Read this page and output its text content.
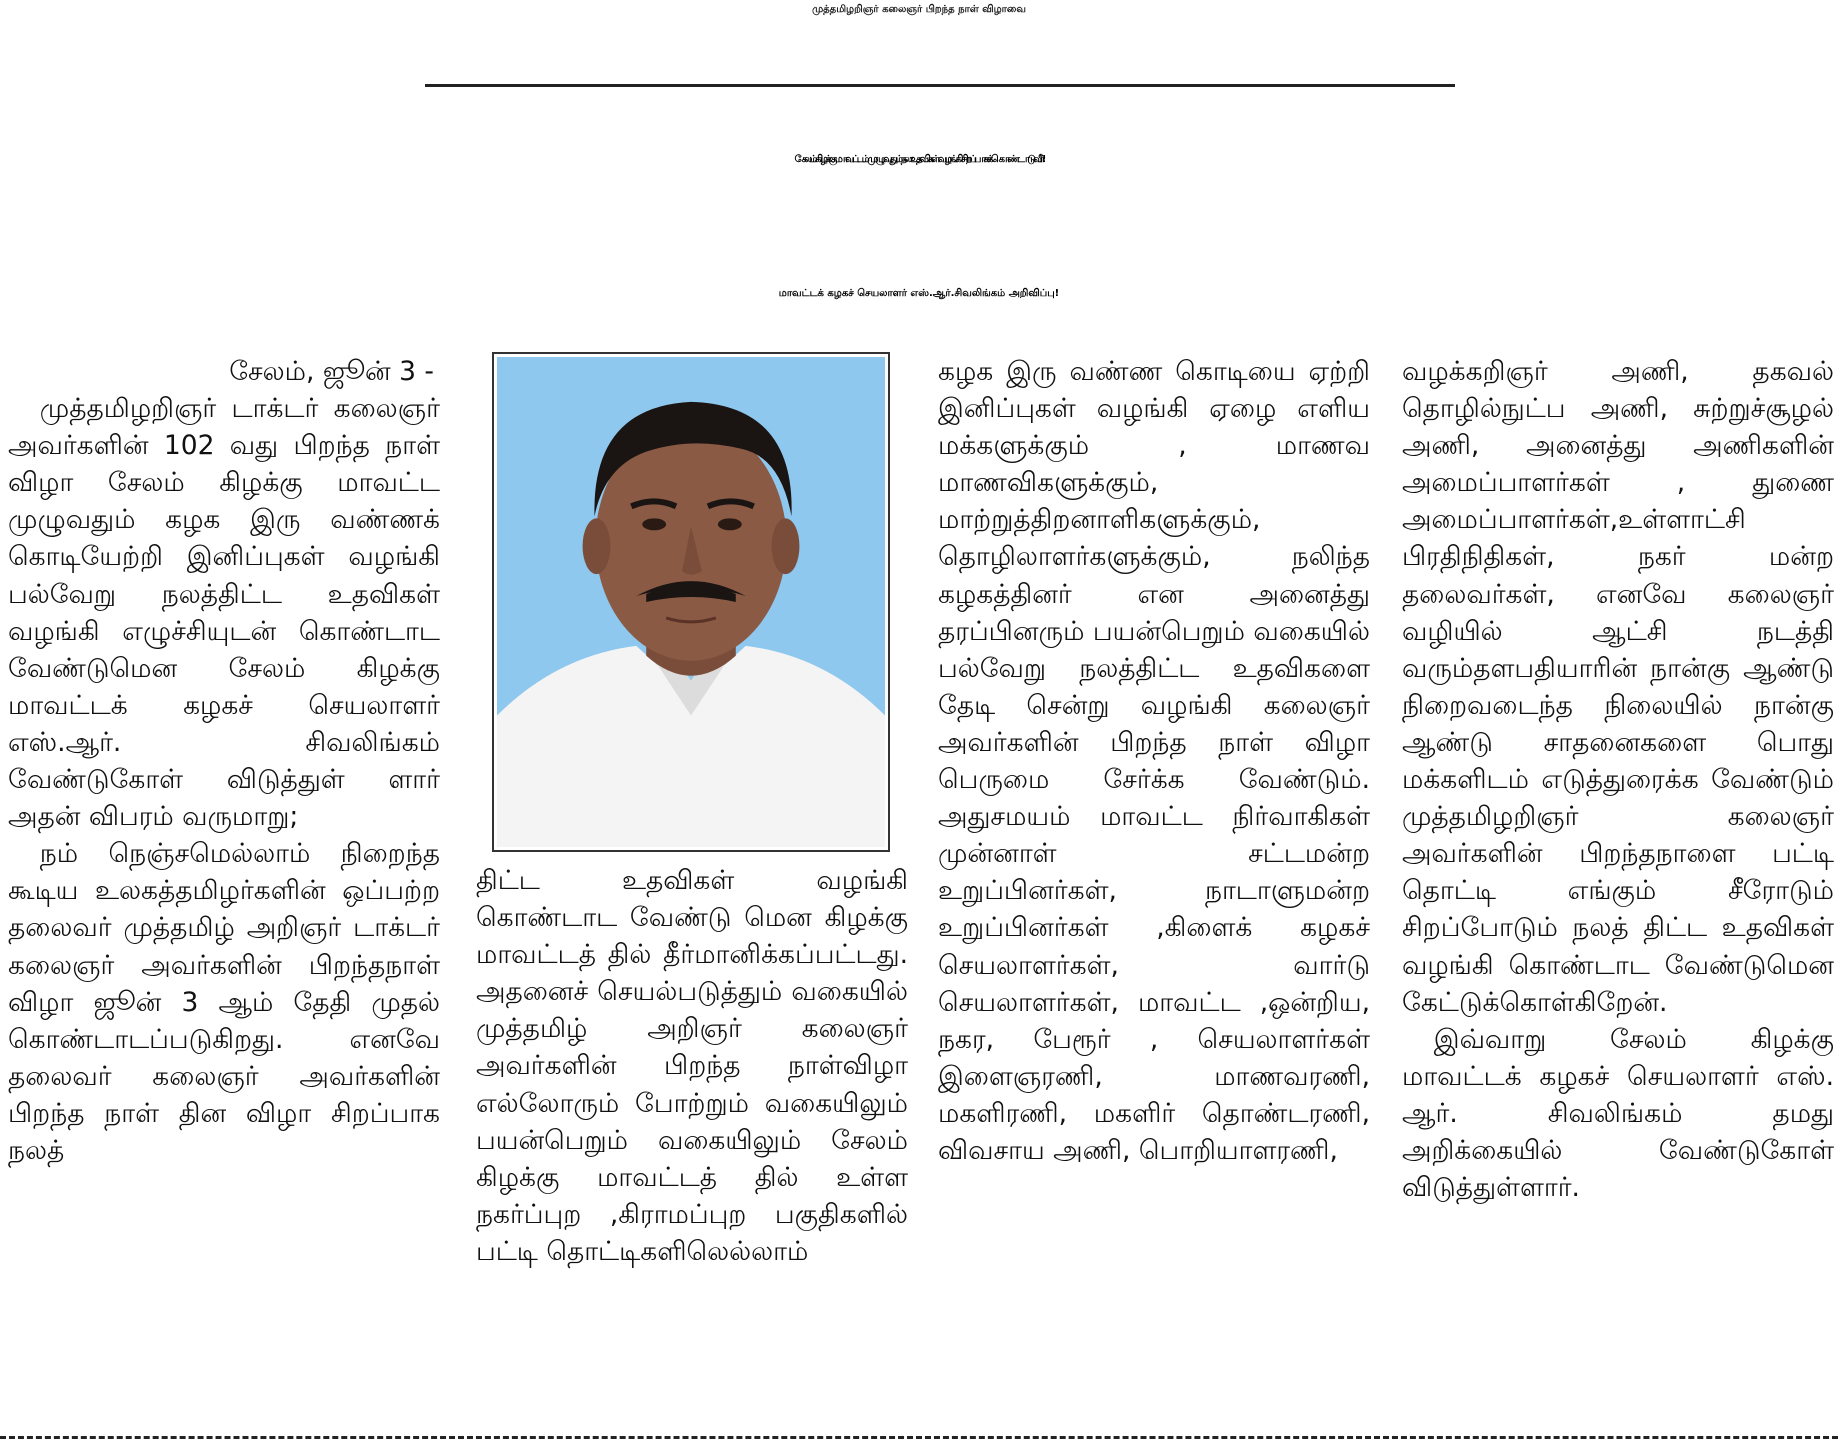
முத்தமிழறிஞர் கலைஞர் பிறந்த நாள் விழாவை
சேலம் கிழக்கு மாவட்டம் முழுவதும் நல உதவிகள் வழங்கி சிறப்பாகக் கொண்டாடுவீர்!
மாவட்டக் கழகச் செயலாளர் எஸ்.ஆர்.சிவலிங்கம் அறிவிப்பு!

சேலம், ஜூன் 3 -

முத்தமிழறிஞர் டாக்டர் கலைஞர் அவர்களின் 102 வது பிறந்த நாள் விழா சேலம் கிழக்கு மாவட்ட முழுவதும் கழக இரு வண்ணக் கொடியேற்றி இனிப்புகள் வழங்கி பல்வேறு நலத்திட்ட உதவிகள் வழங்கி எழுச்சியுடன் கொண்டாட வேண்டுமென சேலம் கிழக்கு மாவட்டக் கழகச் செயலாளர் எஸ்.ஆர். சிவலிங்கம் வேண்டுகோள் விடுத்துள் ளார் அதன் விபரம் வருமாறு;

நம் நெஞ்சமெல்லாம் நிறைந்த கூடிய உலகத்தமிழர்களின் ஒப்பற்ற தலைவர் முத்தமிழ் அறிஞர் டாக்டர் கலைஞர் அவர்களின் பிறந்தநாள் விழா ஜூன் 3 ஆம் தேதி முதல் கொண்டாடப்படுகிறது. எனவே தலைவர் கலைஞர் அவர்களின் பிறந்த நாள் தின விழா சிறப்பாக நலத்

திட்ட உதவிகள் வழங்கி கொண்டாட வேண்டு மென கிழக்கு மாவட்டத் தில் தீர்மானிக்கப்பட்டது. அதனைச் செயல்படுத்தும் வகையில் முத்தமிழ் அறிஞர் கலைஞர் அவர்களின் பிறந்த நாள்விழா எல்லோரும் போற்றும் வகையிலும் பயன்பெறும் வகையிலும் சேலம் கிழக்கு மாவட்டத் தில் உள்ள நகர்ப்புற ,கிராமப்புற பகுதிகளில் பட்டி தொட்டிகளிலெல்லாம்

கழக இரு வண்ண கொடியை ஏற்றி இனிப்புகள் வழங்கி ஏழை எளிய மக்களுக்கும் , மாணவ மாணவிகளுக்கும், மாற்றுத்திறனாளிகளுக்கும், தொழிலாளர்களுக்கும், நலிந்த கழகத்தினர் என அனைத்து தரப்பினரும் பயன்பெறும் வகையில் பல்வேறு நலத்திட்ட உதவிகளை தேடி சென்று வழங்கி கலைஞர் அவர்களின் பிறந்த நாள் விழா பெருமை சேர்க்க வேண்டும். அதுசமயம் மாவட்ட நிர்வாகிகள் முன்னாள் சட்டமன்ற உறுப்பினர்கள், நாடாளுமன்ற உறுப்பினர்கள் ,கிளைக் கழகச் செயலாளர்கள், வார்டு செயலாளர்கள், மாவட்ட ,ஒன்றிய, நகர, பேரூர் , செயலாளர்கள் இளைஞரணி, மாணவரணி, மகளிரணி, மகளிர் தொண்டரணி, விவசாய அணி, பொறியாளரணி,

வழக்கறிஞர் அணி, தகவல் தொழில்நுட்ப அணி, சுற்றுச்சூழல் அணி, அனைத்து அணிகளின் அமைப்பாளர்கள் , துணை அமைப்பாளர்கள்,உள்ளாட்சி பிரதிநிதிகள், நகர் மன்ற தலைவர்கள், எனவே கலைஞர் வழியில் ஆட்சி நடத்தி வரும்தளபதியாரின் நான்கு ஆண்டு நிறைவடைந்த நிலையில் நான்கு ஆண்டு சாதனைகளை பொது மக்களிடம் எடுத்துரைக்க வேண்டும் முத்தமிழறிஞர் கலைஞர் அவர்களின் பிறந்தநாளை பட்டி தொட்டி எங்கும் சீரோடும் சிறப்போடும் நலத் திட்ட உதவிகள் வழங்கி கொண்டாட வேண்டுமென கேட்டுக்கொள்கிறேன்.

இவ்வாறு சேலம் கிழக்கு மாவட்டக் கழகச் செயலாளர் எஸ். ஆர். சிவலிங்கம் தமது அறிக்கையில் வேண்டுகோள் விடுத்துள்ளார்.
